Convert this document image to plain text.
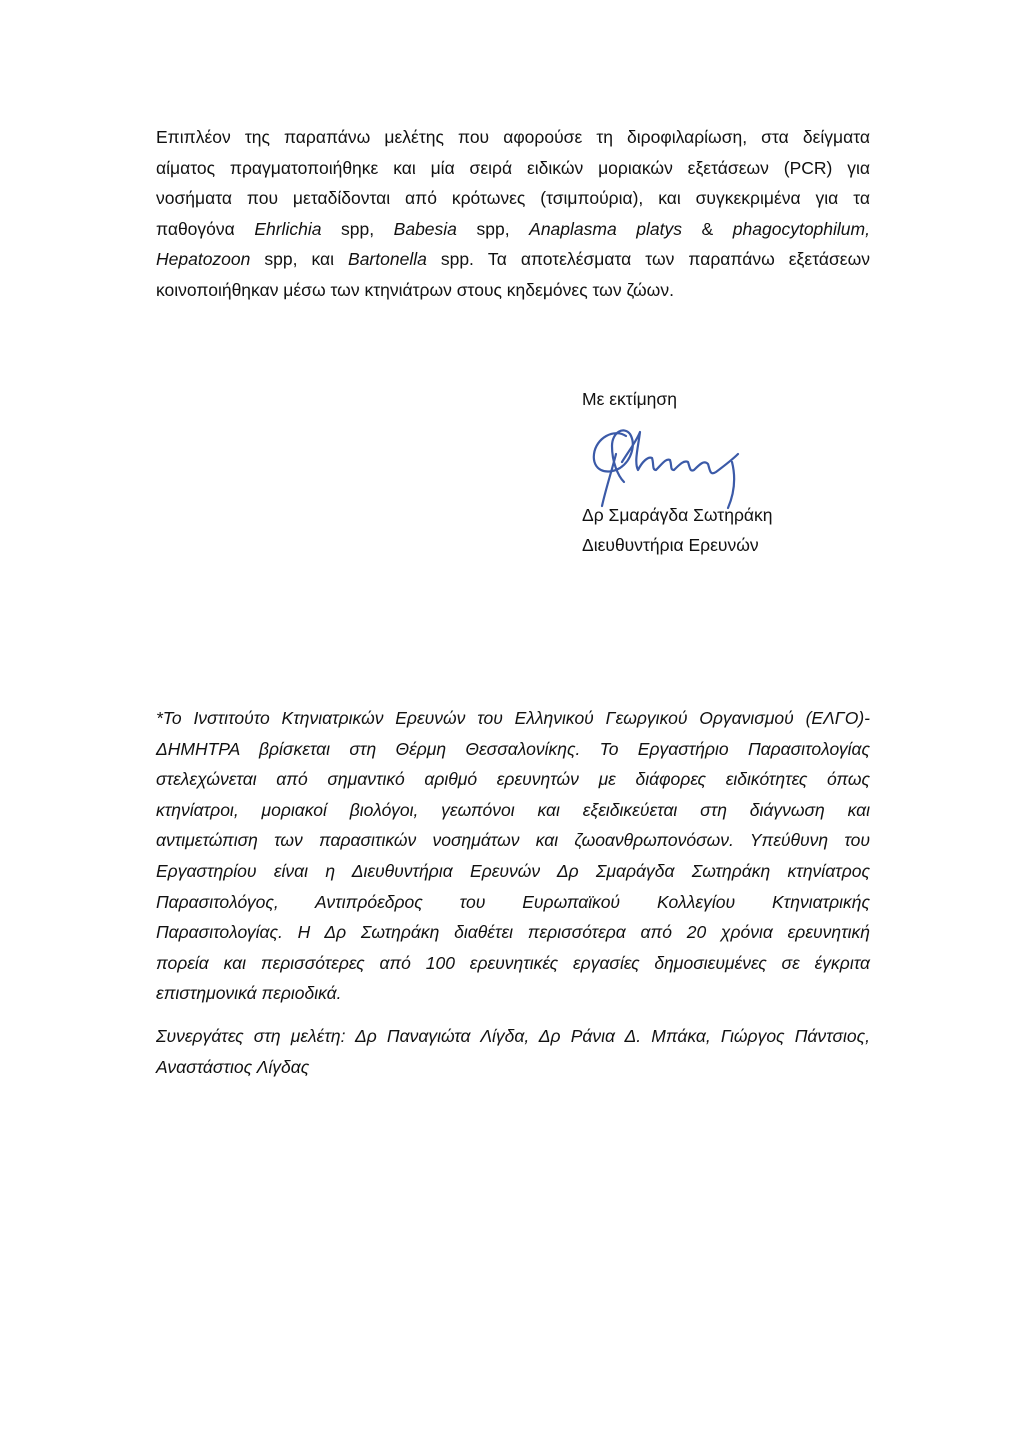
Επιπλέον της παραπάνω μελέτης που αφορούσε τη διροφιλαρίωση, στα δείγματα
αίματος πραγματοποιήθηκε και μία σειρά ειδικών μοριακών εξετάσεων (PCR) για
νοσήματα που μεταδίδονται από κρότωνες (τσιμπούρια), και συγκεκριμένα για τα
παθογόνα Ehrlichia spp, Babesia spp, Anaplasma platys & phagocytophilum,
Hepatozoon spp, και Bartonella spp. Τα αποτελέσματα των παραπάνω εξετάσεων
κοινοποιήθηκαν μέσω των κτηνιάτρων στους κηδεμόνες των ζώων.
Με εκτίμηση
Δρ Σμαράγδα Σωτηράκη
Διευθυντήρια Ερευνών
*Το Ινστιτούτο Κτηνιατρικών Ερευνών του Ελληνικού Γεωργικού Οργανισμού (ΕΛΓΟ)-
ΔΗΜΗΤΡΑ βρίσκεται στη Θέρμη Θεσσαλονίκης. Το Εργαστήριο Παρασιτολογίας
στελεχώνεται από σημαντικό αριθμό ερευνητών με διάφορες ειδικότητες όπως
κτηνίατροι, μοριακοί βιολόγοι, γεωπόνοι και εξειδικεύεται στη διάγνωση και
αντιμετώπιση των παρασιτικών νοσημάτων και ζωοανθρωπονόσων. Υπεύθυνη του
Εργαστηρίου είναι η Διευθυντήρια Ερευνών Δρ Σμαράγδα Σωτηράκη κτηνίατρος
Παρασιτολόγος, Αντιπρόεδρος του Ευρωπαϊκού Κολλεγίου Κτηνιατρικής
Παρασιτολογίας. Η Δρ Σωτηράκη διαθέτει περισσότερα από 20 χρόνια ερευνητική
πορεία και περισσότερες από 100 ερευνητικές εργασίες δημοσιευμένες σε έγκριτα
επιστημονικά περιοδικά.
Συνεργάτες στη μελέτη: Δρ Παναγιώτα Λίγδα, Δρ Ράνια Δ. Μπάκα, Γιώργος Πάντσιος,
Αναστάστιος Λίγδας
